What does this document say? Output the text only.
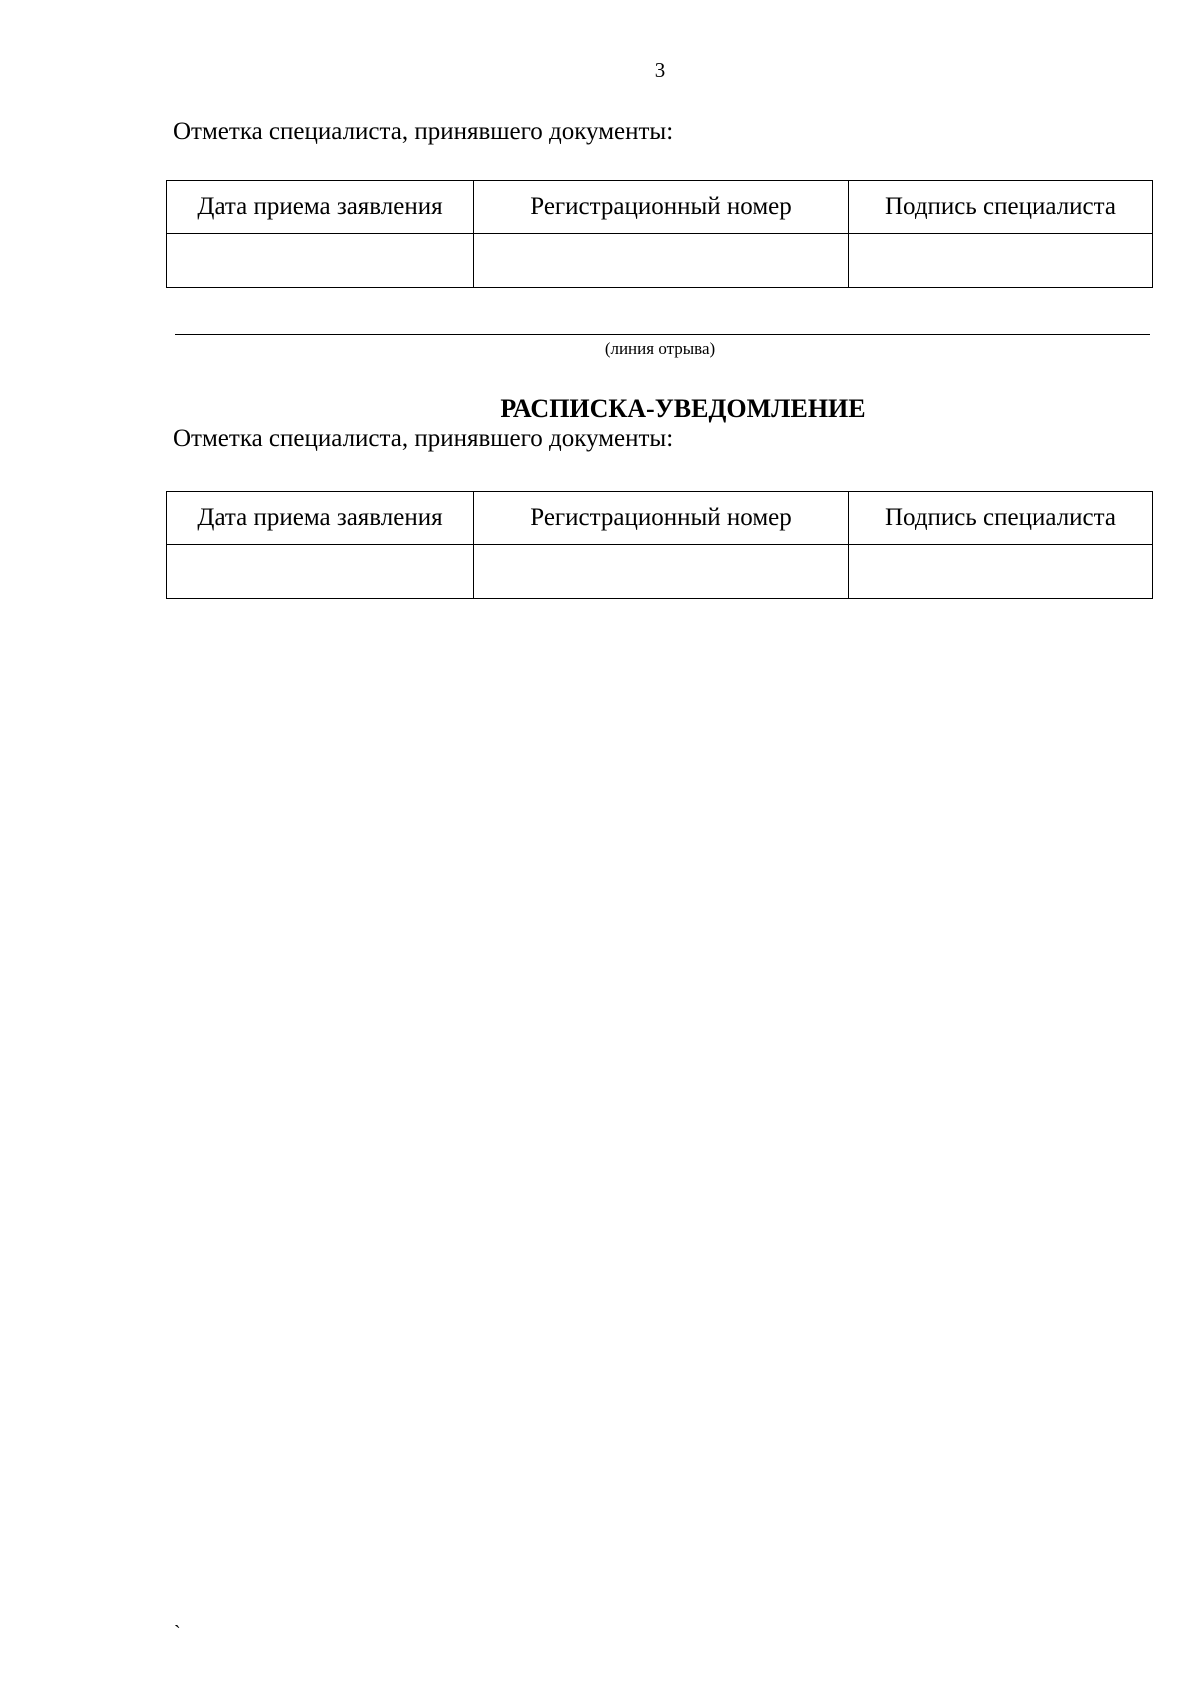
3
Отметка специалиста, принявшего документы:
Дата приема заявления	Регистрационный номер	Подпись специалиста

(линия отрыва)
РАСПИСКА-УВЕДОМЛЕНИЕ
Отметка специалиста, принявшего документы:
Дата приема заявления	Регистрационный номер	Подпись специалиста

`
